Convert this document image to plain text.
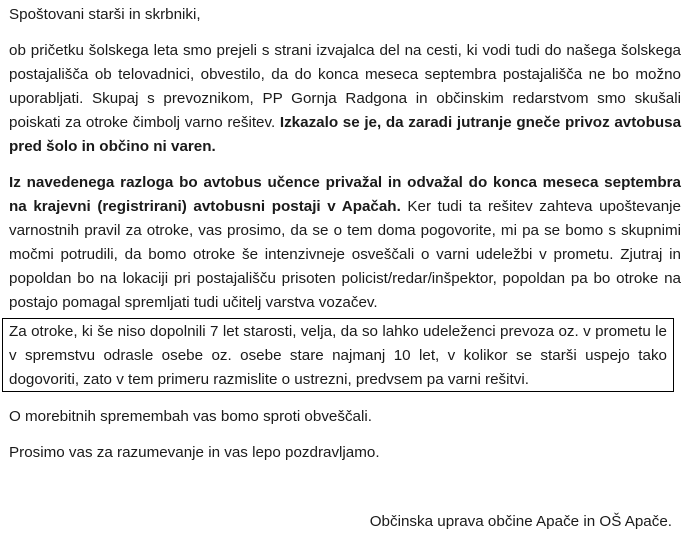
Spoštovani starši in skrbniki,

ob pričetku šolskega leta smo prejeli s strani izvajalca del na cesti, ki vodi tudi do našega šolskega postajališča ob telovadnici, obvestilo, da do konca meseca septembra postajališča ne bo možno uporabljati. Skupaj s prevoznikom, PP Gornja Radgona in občinskim redarstvom smo skušali poiskati za otroke čimbolj varno rešitev. Izkazalo se je, da zaradi jutranje gneče privoz avtobusa pred šolo in občino ni varen.

Iz navedenega razloga bo avtobus učence privažal in odvažal do konca meseca septembra na krajevni (registrirani) avtobusni postaji v Apačah. Ker tudi ta rešitev zahteva upoštevanje varnostnih pravil za otroke, vas prosimo, da se o tem doma pogovorite, mi pa se bomo s skupnimi močmi potrudili, da bomo otroke še intenzivneje osveščali o varni udeležbi v prometu. Zjutraj in popoldan bo na lokaciji pri postajališču prisoten policist/redar/inšpektor, popoldan pa bo otroke na postajo pomagal spremljati tudi učitelj varstva vozačev.

Za otroke, ki še niso dopolnili 7 let starosti, velja, da so lahko udeleženci prevoza oz. v prometu le v spremstvu odrasle osebe oz. osebe stare najmanj 10 let, v kolikor se starši uspejo tako dogovoriti, zato v tem primeru razmislite o ustrezni, predvsem pa varni rešitvi.

O morebitnih spremembah vas bomo sproti obveščali.

Prosimo vas za razumevanje in vas lepo pozdravljamo.

Občinska uprava občine Apače in OŠ Apače.
